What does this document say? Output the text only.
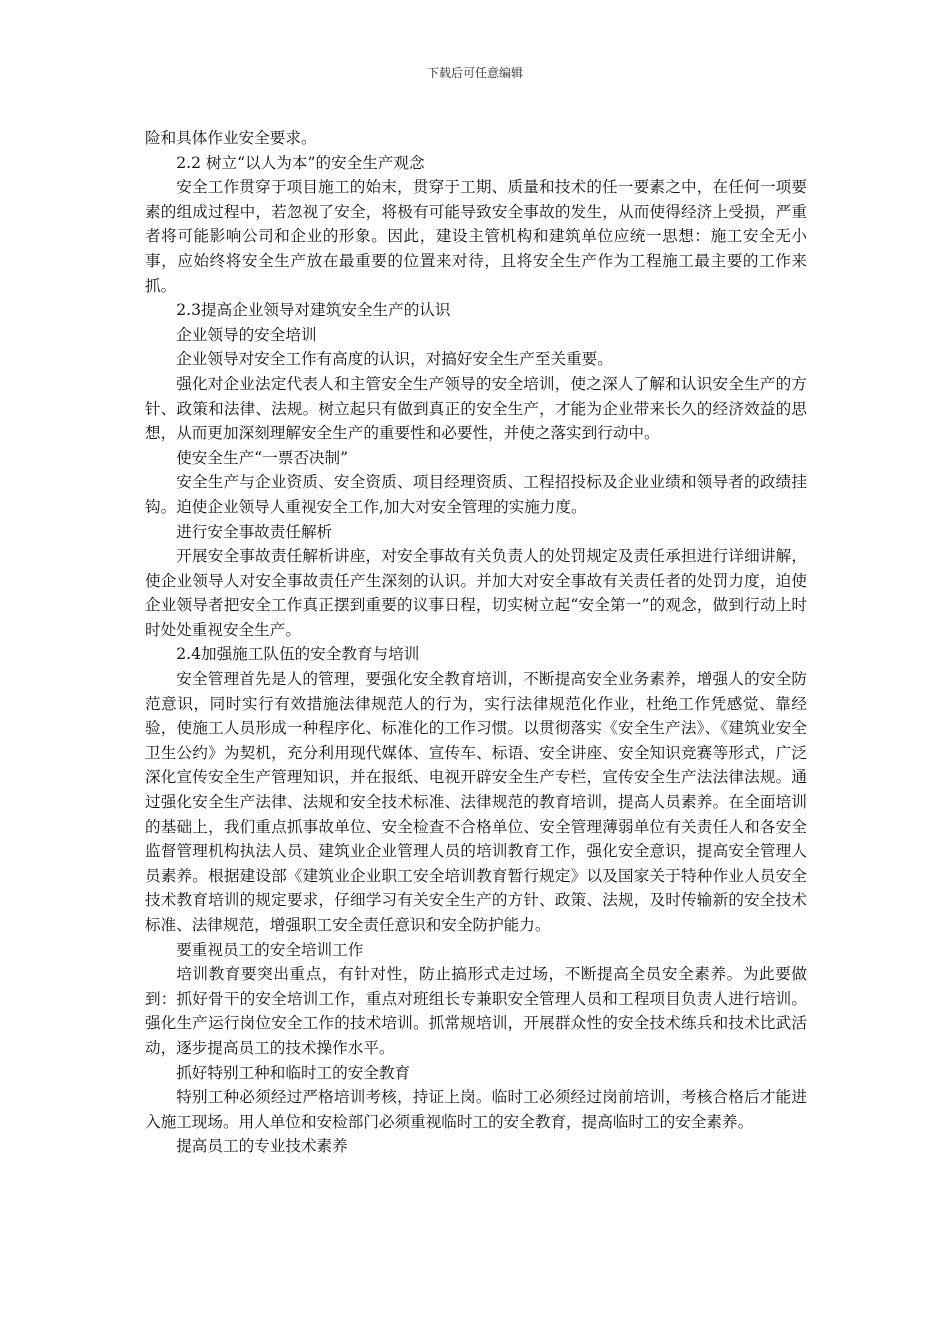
下载后可任意编辑

险和具体作业安全要求。

2.2 树立“以人为本”的安全生产观念

安全工作贯穿于项目施工的始末，贯穿于工期、质量和技术的任一要素之中，在任何一项要素的组成过程中，若忽视了安全，将极有可能导致安全事故的发生，从而使得经济上受损，严重者将可能影响公司和企业的形象。因此，建设主管机构和建筑单位应统一思想：施工安全无小事，应始终将安全生产放在最重要的位置来对待，且将安全生产作为工程施工最主要的工作来抓。

2.3提高企业领导对建筑安全生产的认识

企业领导的安全培训

企业领导对安全工作有高度的认识，对搞好安全生产至关重要。

强化对企业法定代表人和主管安全生产领导的安全培训，使之深人了解和认识安全生产的方针、政策和法律、法规。树立起只有做到真正的安全生产，才能为企业带来长久的经济效益的思想，从而更加深刻理解安全生产的重要性和必要性，并使之落实到行动中。

使安全生产“一票否决制”

安全生产与企业资质、安全资质、项目经理资质、工程招投标及企业业绩和领导者的政绩挂钩。迫使企业领导人重视安全工作,加大对安全管理的实施力度。

进行安全事故责任解析

开展安全事故责任解析讲座，对安全事故有关负责人的处罚规定及责任承担进行详细讲解，使企业领导人对安全事故责任产生深刻的认识。并加大对安全事故有关责任者的处罚力度，迫使企业领导者把安全工作真正摆到重要的议事日程，切实树立起“安全第一”的观念，做到行动上时时处处重视安全生产。

2.4加强施工队伍的安全教育与培训

安全管理首先是人的管理，要强化安全教育培训，不断提高安全业务素养，增强人的安全防范意识，同时实行有效措施法律规范人的行为，实行法律规范化作业，杜绝工作凭感觉、靠经验，使施工人员形成一种程序化、标准化的工作习惯。以贯彻落实《安全生产法》、《建筑业安全卫生公约》为契机，充分利用现代媒体、宣传车、标语、安全讲座、安全知识竞赛等形式，广泛深化宣传安全生产管理知识，并在报纸、电视开辟安全生产专栏，宣传安全生产法法律法规。通过强化安全生产法律、法规和安全技术标准、法律规范的教育培训，提高人员素养。在全面培训的基础上，我们重点抓事故单位、安全检查不合格单位、安全管理薄弱单位有关责任人和各安全监督管理机构执法人员、建筑业企业管理人员的培训教育工作，强化安全意识，提高安全管理人员素养。根据建设部《建筑业企业职工安全培训教育暂行规定》以及国家关于特种作业人员安全技术教育培训的规定要求，仔细学习有关安全生产的方针、政策、法规，及时传输新的安全技术标准、法律规范，增强职工安全责任意识和安全防护能力。

要重视员工的安全培训工作

培训教育要突出重点，有针对性，防止搞形式走过场，不断提高全员安全素养。为此要做到：抓好骨干的安全培训工作，重点对班组长专兼职安全管理人员和工程项目负责人进行培训。强化生产运行岗位安全工作的技术培训。抓常规培训，开展群众性的安全技术练兵和技术比武活动，逐步提高员工的技术操作水平。

抓好特别工种和临时工的安全教育

特别工种必须经过严格培训考核，持证上岗。临时工必须经过岗前培训，考核合格后才能进入施工现场。用人单位和安检部门必须重视临时工的安全教育，提高临时工的安全素养。

提高员工的专业技术素养
